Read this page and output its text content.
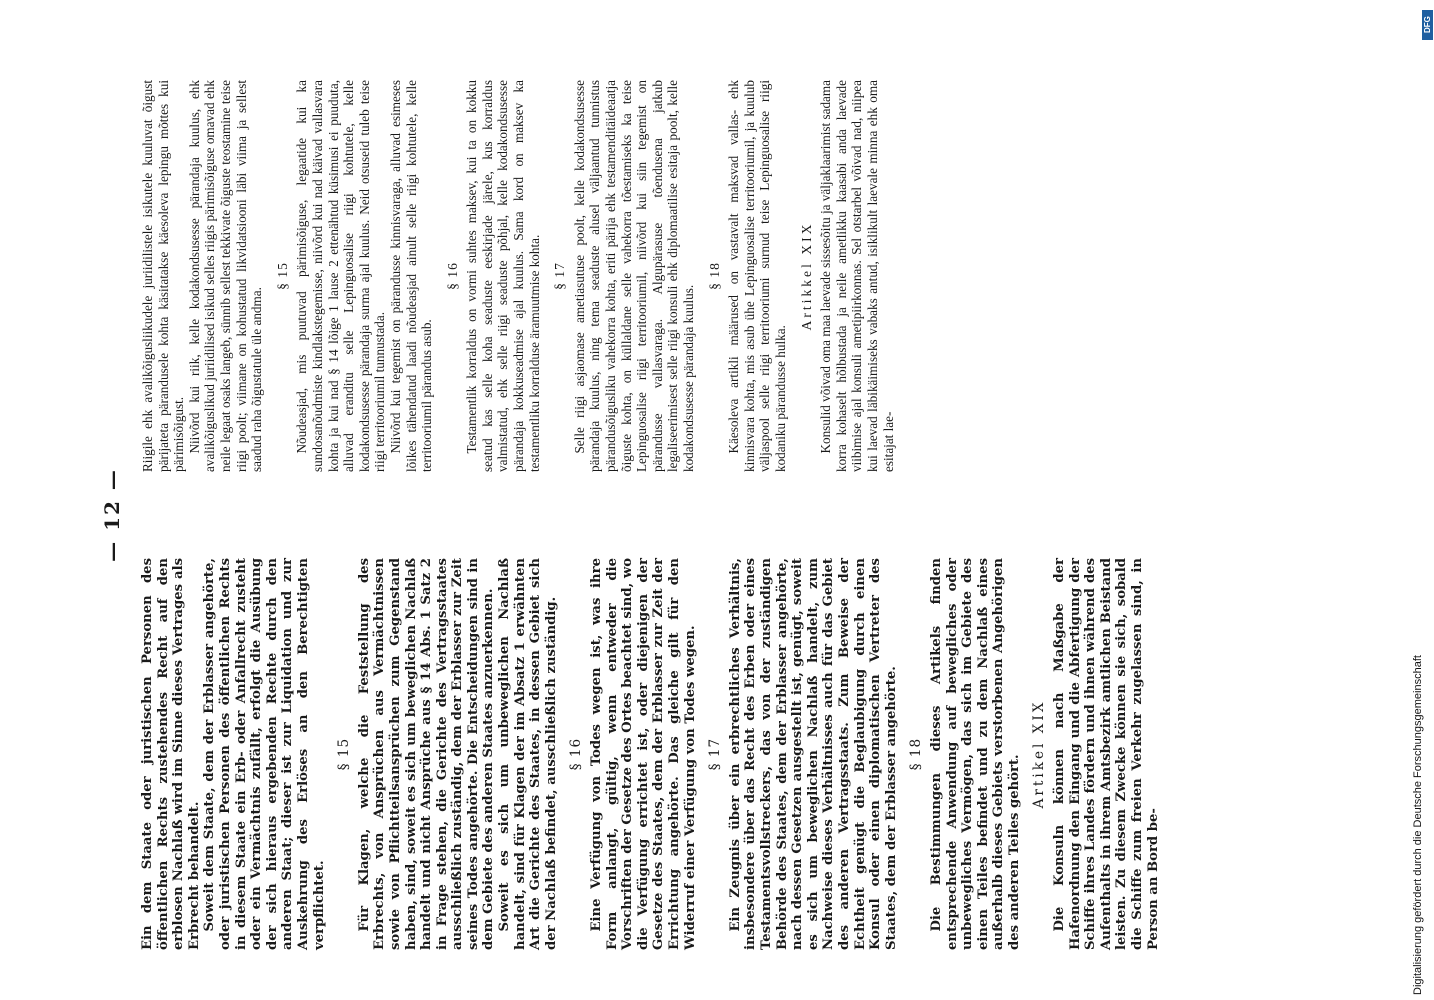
— 12 —

Ein dem Staate oder juristischen Personen des öffentlichen Rechts zustehendes Recht auf den erblosen Nachlaß wird im Sinne dieses Vertrages als Erbrecht behandelt. Soweit dem Staate, dem der Erblasser angehörte, oder juristischen Personen des öffentlichen Rechts in diesem Staate ein Erb- oder Anfallrecht zusteht oder ein Vermächtnis zufällt, erfolgt die Ausübung der sich hieraus ergebenden Rechte durch den anderen Staat; dieser ist zur Liquidation und zur Auskehrung des Erlöses an den Berechtigten verpflichtet.

§ 15 Für Klagen, welche die Feststellung des Erbrechts, von Ansprüchen aus Vermächtnissen sowie von Pflichtteilsansprüchen zum Gegenstand haben, sind, soweit es sich um beweglichen Nachlaß handelt und nicht Ansprüche aus § 14 Abs. 1 Satz 2 in Frage stehen, die Gerichte des Vertragsstaates ausschließlich zuständig, dem der Erblasser zur Zeit seines Todes angehörte. Die Entscheidungen sind in dem Gebiete des anderen Staates anzuerkennen. Soweit es sich um unbeweglichen Nachlaß handelt, sind für Klagen der im Absatz 1 erwähnten Art die Gerichte des Staates, in dessen Gebiet sich der Nachlaß befindet, ausschließlich zuständig. § 16 Eine Verfügung von Todes wegen ist, was ihre Form anlangt, gültig, wenn entweder die Vorschriften der Gesetze des Ortes beachtet sind, wo die Verfügung errichtet ist, oder diejenigen der Gesetze des Staates, dem der Erblasser zur Zeit der Errichtung angehörte. Das gleiche gilt für den Widerruf einer Verfügung von Todes wegen. § 17 Ein Zeugnis über ein erbrechtliches Verhältnis, insbesondere über das Recht des Erben oder eines Testamentsvollstreckers, das von der zuständigen Behörde des Staates, dem der Erblasser angehörte, nach dessen Gesetzen ausgestellt ist, genügt, soweit es sich um beweglichen Nachlaß handelt, zum Nachweise dieses Verhältnisses auch für das Gebiet des anderen Vertragsstaats. Zum Beweise der Echtheit genügt die Beglaubigung durch einen Konsul oder einen diplomatischen Vertreter des Staates, dem der Erblasser angehörte. § 18 Die Bestimmungen dieses Artikels finden entsprechende Anwendung auf bewegliches oder unbewegliches Vermögen, das sich im Gebiete des einen Teiles befindet und zu dem Nachlaß eines außerhalb dieses Gebiets verstorbenen Angehörigen des anderen Teiles gehört.

Artikel XIX Die Konsuln können nach Maßgabe der Hafenordnung den Eingang und die Abfertigung der Schiffe ihres Landes fördern und ihnen während des Aufenthalts in ihrem Amtsbezirk amtlichen Beistand leisten. Zu diesem Zwecke können sie sich, sobald die Schiffe zum freien Verkehr zugelassen sind, in Person an Bord be-

Riigile ehk avalikõigusliikudele juriidilistele isikutele kuuluvat õigust pärijateta pärandusele kohta käsitatakse käesoleva lepingu mõttes kui pärimisõigust. Niivõrd kui riik, kelle kodakondsusesse pärandaja kuulus, ehk avalikõiguslikud juriidilised isikud selles riigis pärimisõiguse omavad ehk neile legaat osaks langeb, sünnib sellest tekkivate õiguste teostamine teise riigi poolt; viimane on kohustatud likvidatsiooni läbi viima ja sellest saadud raha õigustatule üle andma.

§ 15 Nõudeasjad, mis puutuvad pärimisõiguse, legaatide kui ka sundosanõudmiste kindlakstegemisse, niivõrd kui nad käivad vallasvara kohta ja kui nad § 14 lõige 1 lause 2 ettenähtud küsimusi ei puuduta, alluvad eranditu selle Lepinguosalise riigi kohtutele, kelle kodakondsusesse pärandaja surma ajal kuulus. Neid otsuseid tuleb teise riigi territooriumil tunnustada. Niivõrd kui tegemist on pärandusse kinnisvaraga, alluvad esimeses lõikes tähendatud laadi nõudeasjad ainult selle riigi kohtutele, kelle territooriumil pärandus asub.

§ 16 Testamentlik korraldus on vormi suhtes maksev, kui ta on kokku seatud kas selle koha seaduste eeskirjade järele, kus korraldus valmistatud, ehk selle riigi seaduste põhjal, kelle kodakondsusesse pärandaja kokkuseadmise ajal kuulus. Sama kord on maksev ka testamentliku korralduse äramuutmise kohta. § 17 Selle riigi asjaomase ametiasutuse poolt, kelle kodakondsusesse pärandaja kuulus, ning tema seaduste alusel väljaantud tunnistus pärandusõigusliku vahekorra kohta, eriti pärija ehk testamenditäideaatja õiguste kohta, on küllaldane selle vahekorra tõestamiseks ka teise Lepinguosalise riigi territooriumil, niivõrd kui siin tegemist on pärandusse vallasvaraga. Algupärasuse tõendusena jatkub legaliseerimisest selle riigi konsuli ehk diplomaatilise esitaja poolt, kelle kodakondsusesse pärandaja kuulus.

§ 18 Käesoleva artikli määrused on vastavalt maksvad vallas- ehk kinnisvara kohta, mis asub ühe Lepinguosalise territooriumil, ja kuulub väljaspool selle riigi territooriumi surnud teise Lepinguosalise riigi kodaniku pärandusse hulka.

Artikkel XIX Konsulid võivad oma maa laevade sissesõitu ja väljaklaarimist sadama korra kohaselt hõlbustada ja neile ametlikku kaasabi anda laevade viibimise ajal konsuli ametipiirkonnas. Sel otstarbel võivad nad, niipea kui laevad läbikäimiseks vabaks antud, isiklikult laevale minna ehk oma esitajat lae-

Digitalisierung gefördert durch die Deutsche Forschungsgemeinschaft
DFG
